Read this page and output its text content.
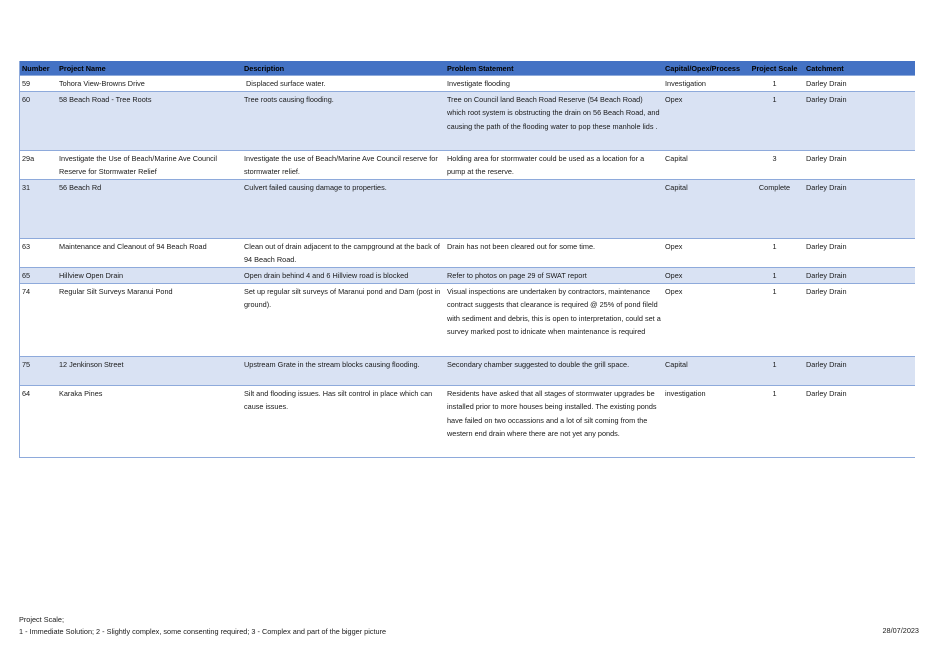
Number	Project Name	Description	Problem Statement	Capital/Opex/Process	Project Scale	Catchment
59	Tohora View-Browns Drive	Displaced surface water.	Investigate flooding	Investigation	1	Darley Drain
60	58 Beach Road - Tree Roots	Tree roots causing flooding.	Tree on Council land Beach Road Reserve (54 Beach Road) which root system is obstructing the drain on 56 Beach Road, and causing the path of the flooding water to pop these manhole lids .	Opex	1	Darley Drain
29a	Investigate the Use of Beach/Marine Ave Council Reserve for Stormwater Relief	Investigate the use of Beach/Marine Ave Council reserve for stormwater relief.	Holding area for stormwater could be used as a location for a pump at the reserve.	Capital	3	Darley Drain
31	56 Beach Rd	Culvert failed causing damage to properties.		Capital	Complete	Darley Drain
63	Maintenance and Cleanout of 94 Beach Road	Clean out of drain adjacent to the campground at the back of 94 Beach Road.	Drain has not been cleared out for some time.	Opex	1	Darley Drain
65	Hillview Open Drain	Open drain behind 4 and 6 Hillview road is blocked	Refer to photos on page 29 of SWAT report	Opex	1	Darley Drain
74	Regular Silt Surveys Maranui Pond	Set up regular silt surveys of Maranui pond and Dam (post in ground).	Visual inspections are undertaken by contractors, maintenance contract suggests that clearance is required @ 25% of pond fileld with sediment and debris, this is open to interpretation, could set a survey marked post to idnicate when maintenance is required	Opex	1	Darley Drain
75	12 Jenkinson Street	Upstream Grate in the stream blocks causing flooding.	Secondary chamber suggested to double the grill space.	Capital	1	Darley Drain
64	Karaka Pines	Silt and flooding issues. Has silt control in place which can cause issues.	Residents have asked that all stages of stormwater upgrades be installed prior to more houses being installed. The existing ponds have failed on two occassions and a lot of silt coming from the western end drain where there are not yet any ponds.	investigation	1	Darley Drain
Project Scale;
1 - Immediate Solution; 2 - Slightly complex, some consenting required; 3 - Complex and part of the bigger picture	28/07/2023
